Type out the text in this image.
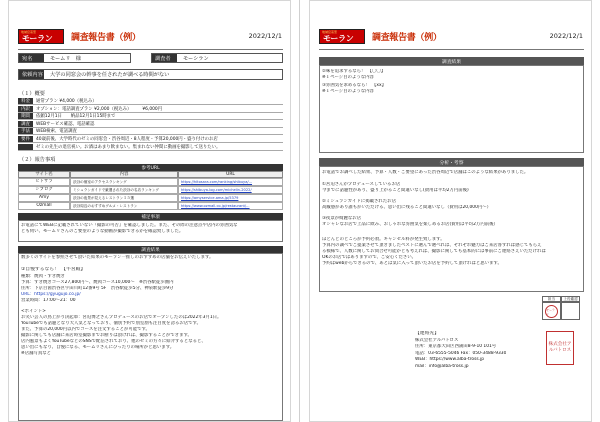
地域密着型
モーラン 調査報告書（例）	2022/12/1
宛名	モームリ　様	調査者	モーシラン
依頼内容	大学の同窓会の幹事を任されたが調べる時間がない
（１）概要
料金	通常プラン ¥4,000（税込み）
内訳	オプション：電話調査プラン ¥2,000（税込み）　　　¥6,000円
期間	依頼12月1日　　納品12月1日15時まで
調査	WEBサービス確認、電話確認
手法	WEB検索、電話調査
要件	40歳前後、大学時代のゼミの同窓会・渋谷周辺・8人程度・予算20,000円・盛り付けのお店
ゼミの先生の退官祝い。お酒はあまり飲まない。集まれない仲間に動画を撮影して送りたい。
（２）報告事項
参考URL
サイト名	内容	URL
ヒトサラ	渋谷の個室のアクセスランキング	https://hitosara.com/ranking/shibuya/...
シブログ	ミシュランガイドで厳選された渋谷の名店ランキング	https://shibuya-log.com/michelin-2022/
Amy	渋谷の夜景が見えるレストラン１５選	https://amyservice.ama.jp/5379
Ozmall	渋谷周辺のおすすめグルメ・レストラン	https://www.ozmall.co.jp/restaurant/...
補足事項
お電話にてWEBに記載されていない『撮影の可否』を確認しました。また、その際の注意点や店内の雰囲気な
ども伺い、モームリさんのご要望のような動画が撮影できるかを確認致しました。
調査結果
数多くのサイトを参照させて頂いた結果のモーラン一推しのおすすめの店舗をお伝えいたします。
①自慢するなら！　【牛宮殿】
種類：焼肉・すき焼き
予算：すき焼きコース27,800円～、焼肉コース10,000～　※渋谷駅徒歩圏内
住所：下京目箇渋谷区宇田川町12番9号 5F　渋谷駅徒歩5分、神泉駅徒歩9分
URL：https://gyugujo.co.jp/
営業時間：17:00～21：00
<ポイント>
お笑い芸人の鳥上がり決起軍：宮迫博之さんプロデュースのお店でオープンしたのは2022年3月1日。
YouTubeでも話題となり大人気となっており、個別予約で別室割も注目度を誇るお店です。
また、予算の20,000円以内でコースを注文することが可能です。
撮影に関しても店舗に来店時室撮影までお断りは頂けれは、撮影することができます。
店内風景もよくYouTubeなどのSNSで配信されており、他のゼミの方々に紹介するとなると、
思い出にもなり、自慢になる、モームリさんにぴったりの場所かと思います。
※店舗写真など
地域密着型
モーラン 調査報告書（例）	2022/12/1
調査結果
②味を追求するなら！　【〇〇】
※１ページ目のような内容
③雰囲気を求めるなら！　【xx】
※１ページ目のような内容
分析・考察
お電話でお調べした結果、予算・人数・ご要望にあった渋谷周辺で店舗はこのような結果がありました。
①宮迫さんがプロデュースしているお店
今までに話題性があり、盛り上がること間違いなし(費用は平均2万円前後)
②ミシュランガイドに掲載されたお店
高級感があり誰もがいただける、思い出に残ること間違いなし（費用は20,000円～）
③夜景が綺麗なお店
オシャレなお店で上品に飲み、おしゃれな雰囲気を楽しめるお店(費用は平均2万円前後）
ほどんどのところが予約必須。キャンセル料が発生致します。
予算内の調べでご提案させて頂きましたベストに選んで選べれば、それぞれ魅力はご来店客すれば感じてもらえ
る模様で、人数に関してお問合せ可能かとも考えれば、撮影に関しても基本的には事前にご連絡さえいただければ
OKのお店ではありますので、ご安心ください。
予約はwebからできるので、あとは気に入って頂いたお店を予約して頂ければと思います。
担当
モーラン
上長確認
【連絡先】
株式会社アルバトロス
住所：東京都大田区西蒲田8-9-10 101号
電話：03-6555-5046 Fax：050-3488-9330
WEB：https://www.alba-tross.jp
mail：info@alba-tross.jp
株式会社アルバトロス
